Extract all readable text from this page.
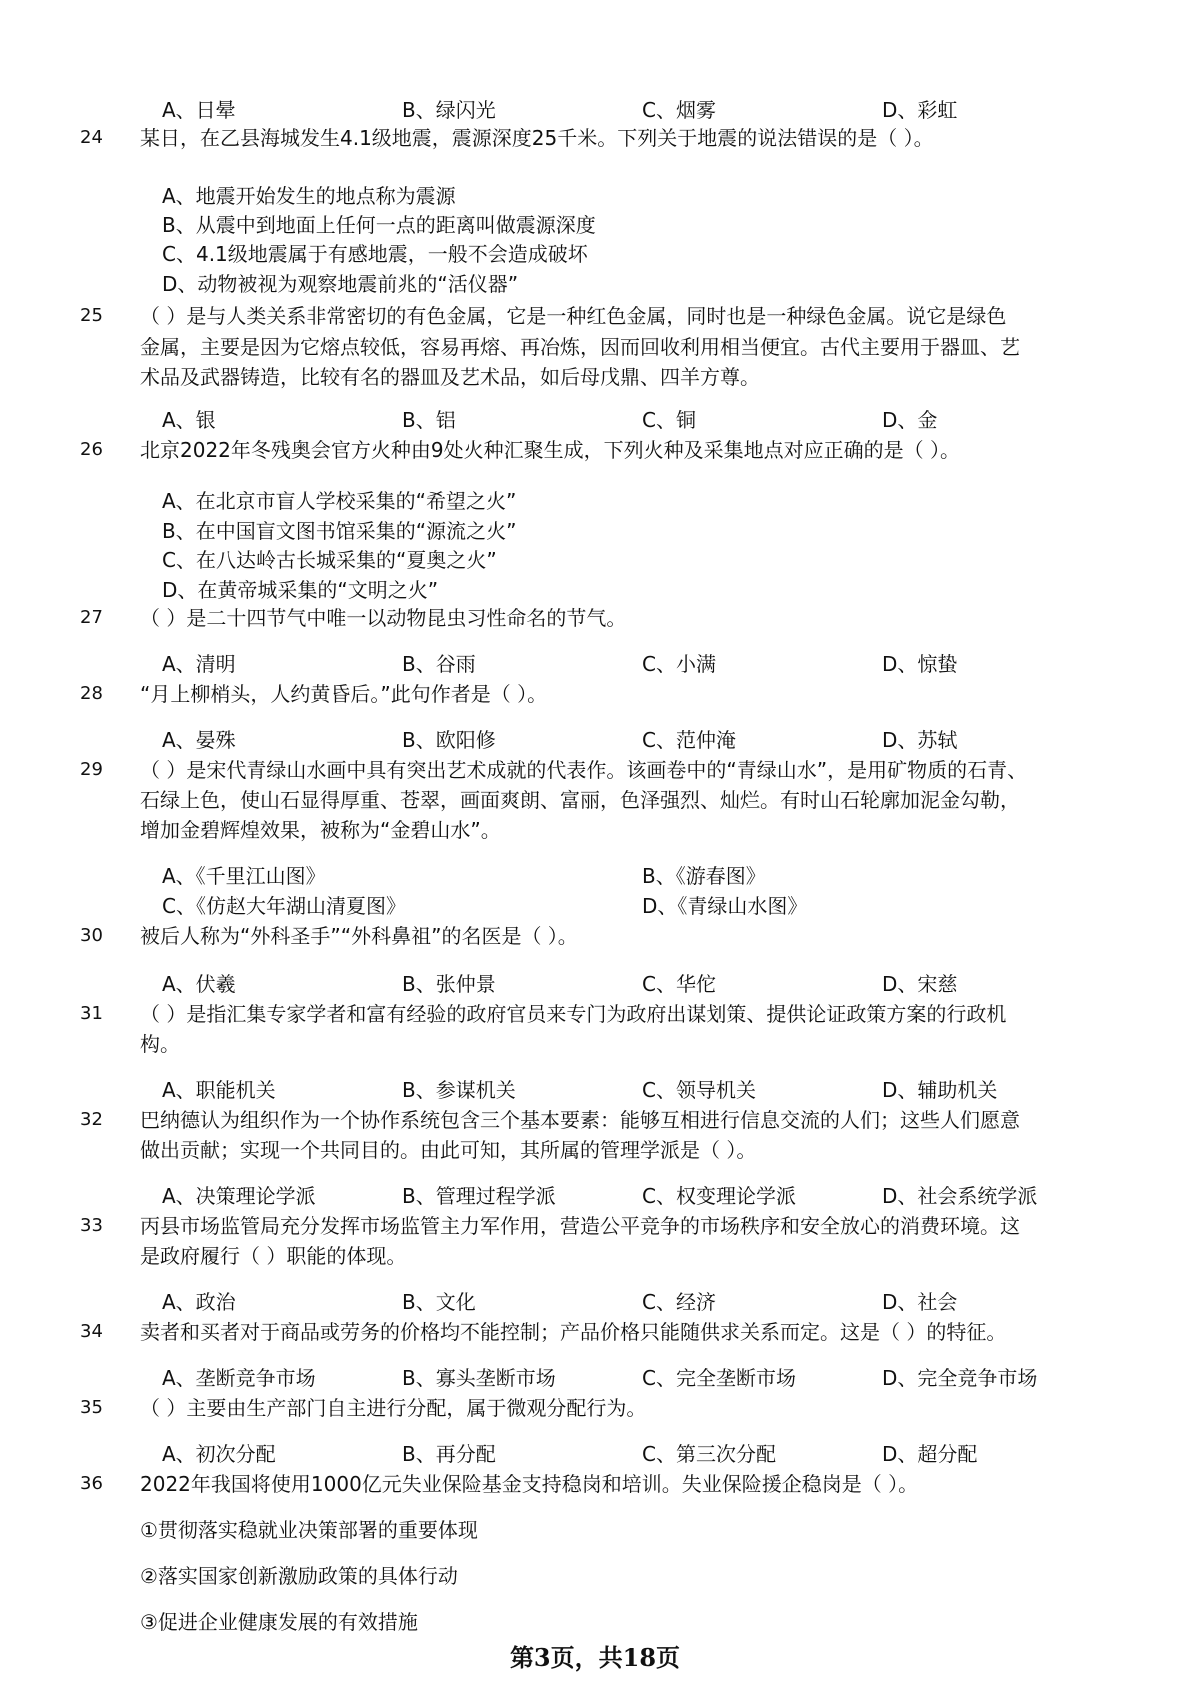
A、日晕	B、绿闪光	C、烟雾	D、彩虹
24	某日，在乙县海城发生4.1级地震，震源深度25千米。下列关于地震的说法错误的是（ ）。
A、地震开始发生的地点称为震源
B、从震中到地面上任何一点的距离叫做震源深度
C、4.1级地震属于有感地震，一般不会造成破坏
D、动物被视为观察地震前兆的“活仪器”
25	（ ）是与人类关系非常密切的有色金属，它是一种红色金属，同时也是一种绿色金属。说它是绿色
金属，主要是因为它熔点较低，容易再熔、再冶炼，因而回收利用相当便宜。古代主要用于器皿、艺
术品及武器铸造，比较有名的器皿及艺术品，如后母戊鼎、四羊方尊。
A、银	B、铝	C、铜	D、金
26	北京2022年冬残奥会官方火种由9处火种汇聚生成，下列火种及采集地点对应正确的是（ ）。
A、在北京市盲人学校采集的“希望之火”
B、在中国盲文图书馆采集的“源流之火”
C、在八达岭古长城采集的“夏奥之火”
D、在黄帝城采集的“文明之火”
27	（ ）是二十四节气中唯一以动物昆虫习性命名的节气。
A、清明	B、谷雨	C、小满	D、惊蛰
28	“月上柳梢头，人约黄昏后。”此句作者是（ ）。
A、晏殊	B、欧阳修	C、范仲淹	D、苏轼
29	（ ）是宋代青绿山水画中具有突出艺术成就的代表作。该画卷中的“青绿山水”，是用矿物质的石青、
石绿上色，使山石显得厚重、苍翠，画面爽朗、富丽，色泽强烈、灿烂。有时山石轮廓加泥金勾勒，
增加金碧辉煌效果，被称为“金碧山水”。
A、《千里江山图》	B、《游春图》
C、《仿赵大年湖山清夏图》	D、《青绿山水图》
30	被后人称为“外科圣手”“外科鼻祖”的名医是（ ）。
A、伏羲	B、张仲景	C、华佗	D、宋慈
31	（ ）是指汇集专家学者和富有经验的政府官员来专门为政府出谋划策、提供论证政策方案的行政机
构。
A、职能机关	B、参谋机关	C、领导机关	D、辅助机关
32	巴纳德认为组织作为一个协作系统包含三个基本要素：能够互相进行信息交流的人们；这些人们愿意
做出贡献；实现一个共同目的。由此可知，其所属的管理学派是（ ）。
A、决策理论学派	B、管理过程学派	C、权变理论学派	D、社会系统学派
33	丙县市场监管局充分发挥市场监管主力军作用，营造公平竞争的市场秩序和安全放心的消费环境。这
是政府履行（ ）职能的体现。
A、政治	B、文化	C、经济	D、社会
34	卖者和买者对于商品或劳务的价格均不能控制；产品价格只能随供求关系而定。这是（ ）的特征。
A、垄断竞争市场	B、寡头垄断市场	C、完全垄断市场	D、完全竞争市场
35	（ ）主要由生产部门自主进行分配，属于微观分配行为。
A、初次分配	B、再分配	C、第三次分配	D、超分配
36	2022年我国将使用1000亿元失业保险基金支持稳岗和培训。失业保险援企稳岗是（ ）。
①贯彻落实稳就业决策部署的重要体现
②落实国家创新激励政策的具体行动
③促进企业健康发展的有效措施
第3页，共18页
